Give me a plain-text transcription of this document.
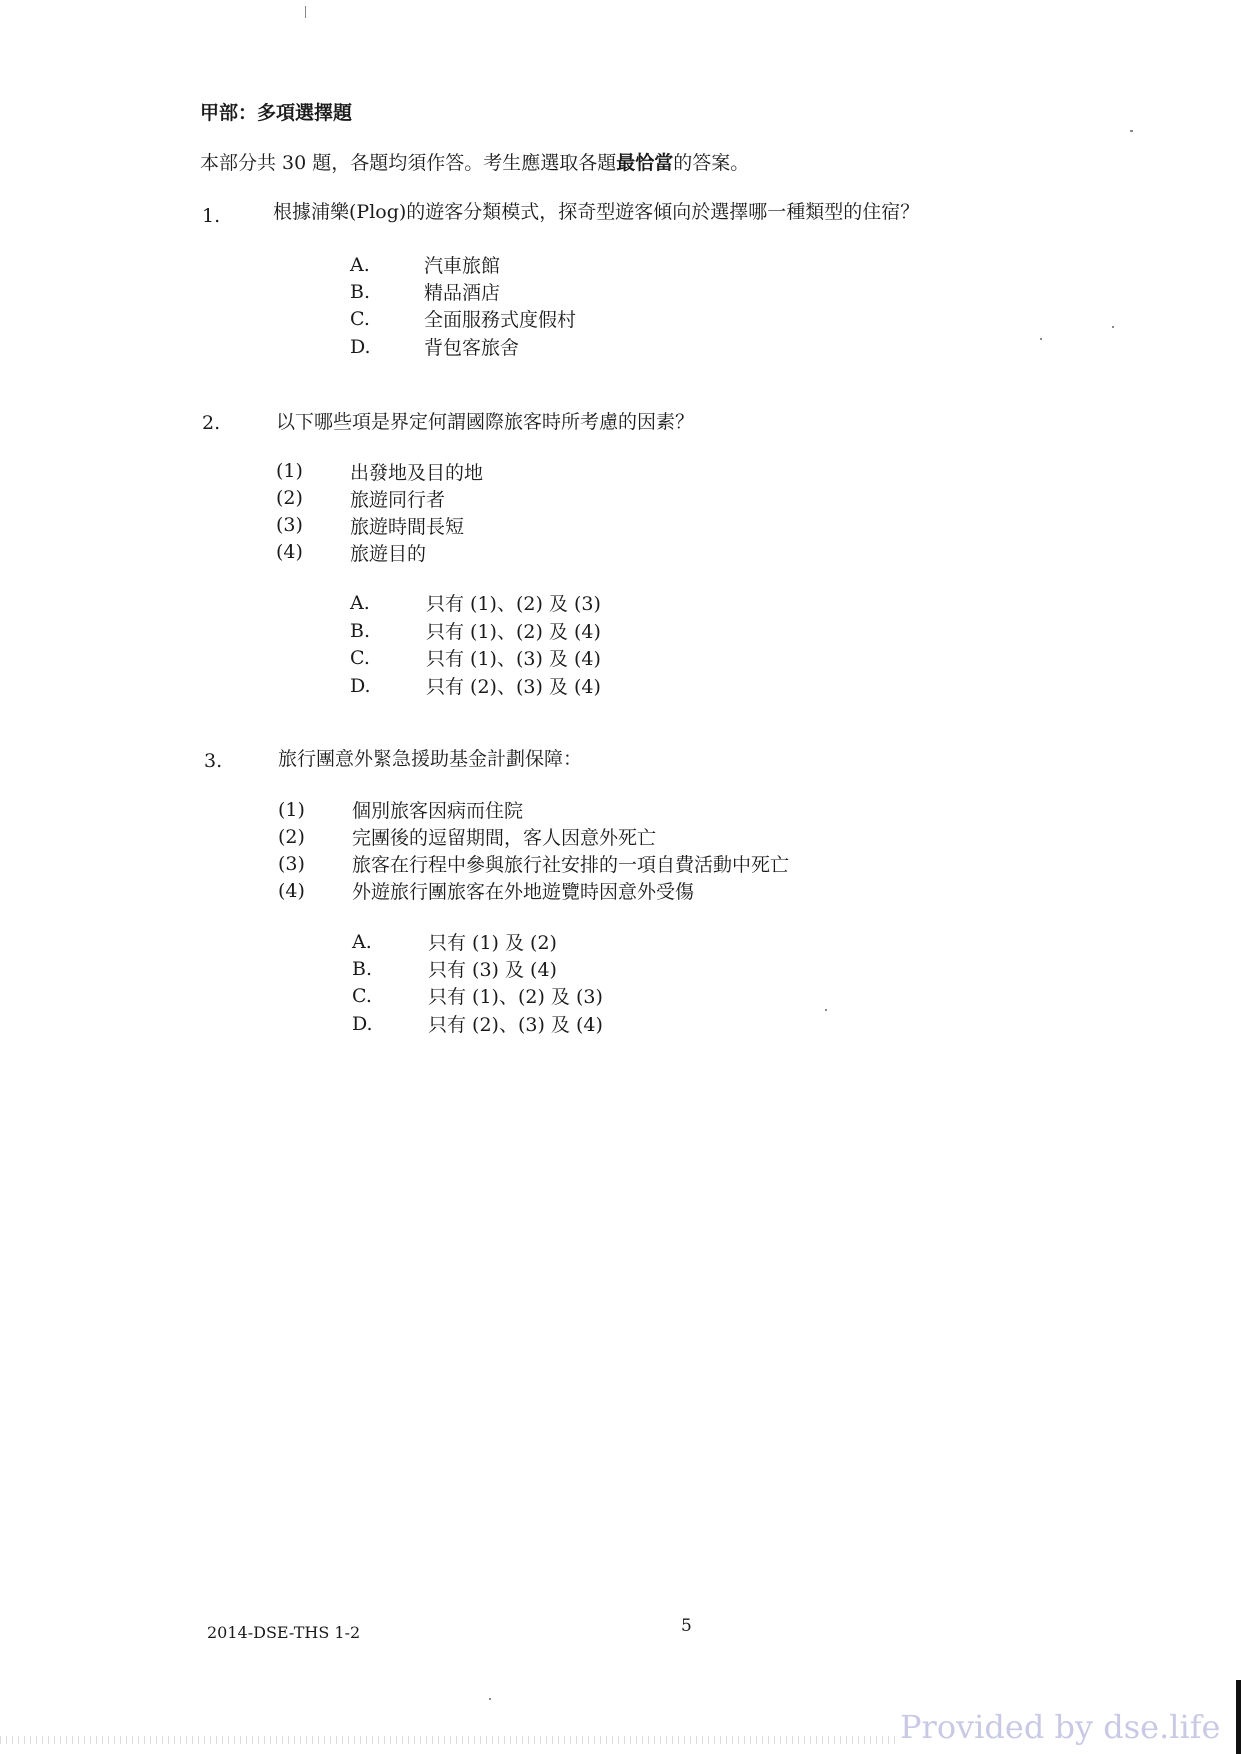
甲部：多項選擇題
本部分共 30 題，各題均須作答。考生應選取各題最恰當的答案。
1.	根據浦樂(Plog)的遊客分類模式，探奇型遊客傾向於選擇哪一種類型的住宿？
A.	汽車旅館
B.	精品酒店
C.	全面服務式度假村
D.	背包客旅舍
2.	以下哪些項是界定何謂國際旅客時所考慮的因素？
(1) 出發地及目的地
(2) 旅遊同行者
(3) 旅遊時間長短
(4) 旅遊目的
A.	只有 (1)、(2) 及 (3)
B.	只有 (1)、(2) 及 (4)
C.	只有 (1)、(3) 及 (4)
D.	只有 (2)、(3) 及 (4)
3.	旅行團意外緊急援助基金計劃保障：
(1) 個別旅客因病而住院
(2) 完團後的逗留期間，客人因意外死亡
(3) 旅客在行程中參與旅行社安排的一項自費活動中死亡
(4) 外遊旅行團旅客在外地遊覽時因意外受傷
A.	只有 (1) 及 (2)
B.	只有 (3) 及 (4)
C.	只有 (1)、(2) 及 (3)
D.	只有 (2)、(3) 及 (4)
2014-DSE-THS 1-2	5
Provided by dse.life
